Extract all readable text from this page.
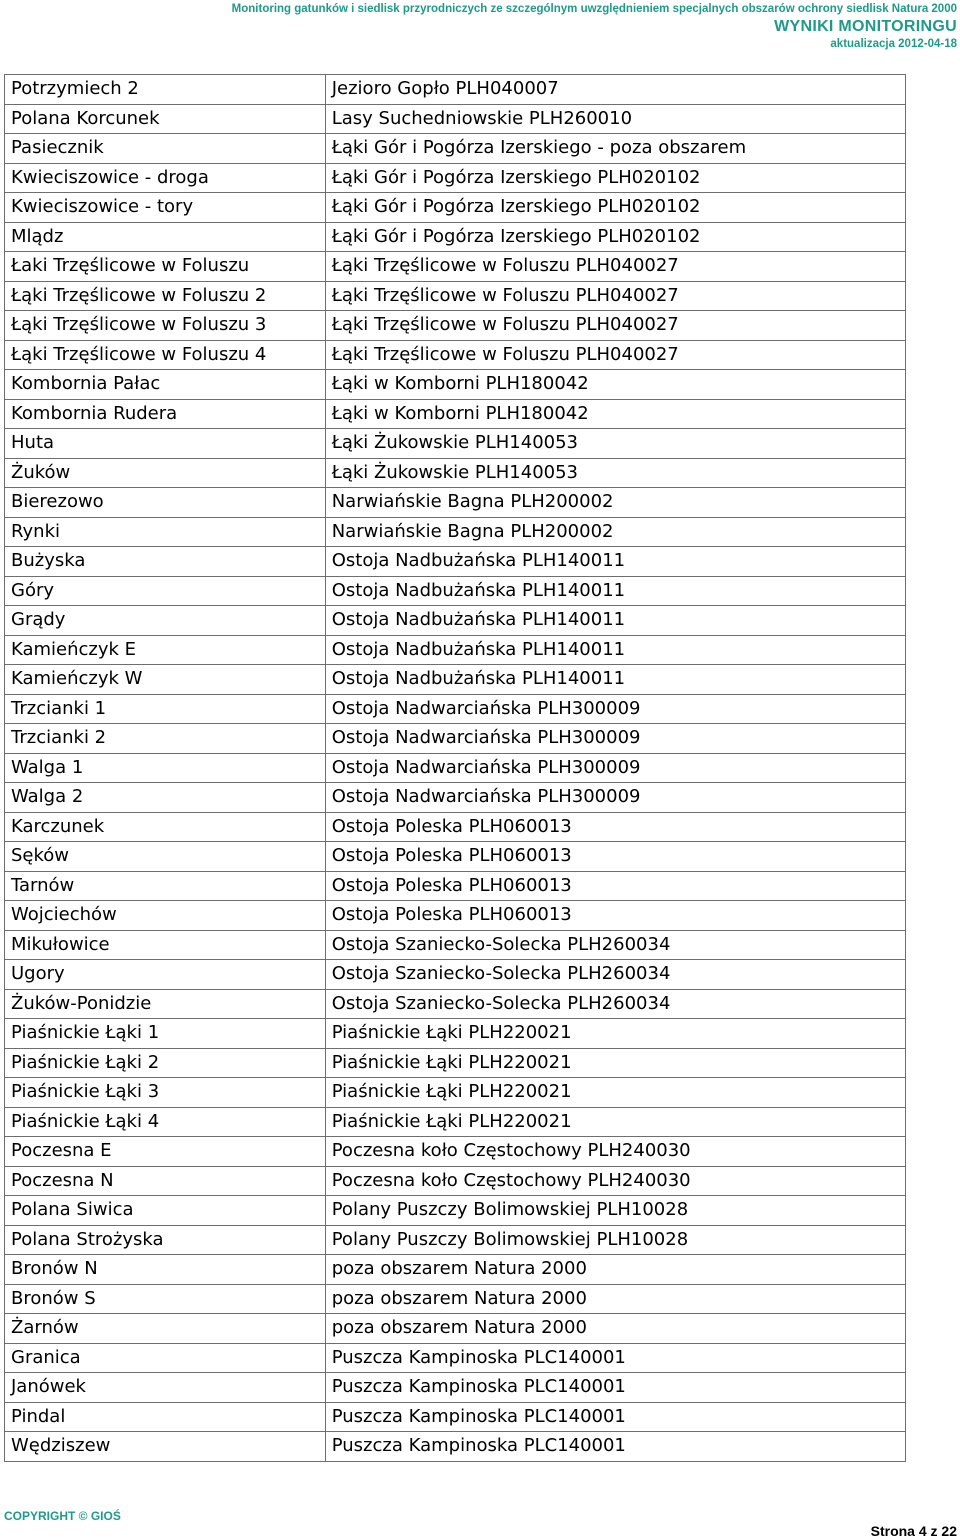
Monitoring gatunków i siedlisk przyrodniczych ze szczególnym uwzględnieniem specjalnych obszarów ochrony siedlisk Natura 2000
WYNIKI MONITORINGU
aktualizacja 2012-04-18
Potrzymiech 2	Jezioro Gopło PLH040007
Polana Korcunek	Lasy Suchedniowskie PLH260010
Pasiecznik	Łąki Gór i Pogórza Izerskiego - poza obszarem
Kwieciszowice - droga	Łąki Gór i Pogórza Izerskiego PLH020102
Kwieciszowice - tory	Łąki Gór i Pogórza Izerskiego PLH020102
Mlądz	Łąki Gór i Pogórza Izerskiego PLH020102
Łaki Trzęślicowe w Foluszu	Łąki Trzęślicowe w Foluszu PLH040027
Łąki Trzęślicowe w Foluszu 2	Łąki Trzęślicowe w Foluszu PLH040027
Łąki Trzęślicowe w Foluszu 3	Łąki Trzęślicowe w Foluszu PLH040027
Łąki Trzęślicowe w Foluszu 4	Łąki Trzęślicowe w Foluszu PLH040027
Kombornia Pałac	Łąki w Komborni PLH180042
Kombornia Rudera	Łąki w Komborni PLH180042
Huta	Łąki Żukowskie PLH140053
Żuków	Łąki Żukowskie PLH140053
Bierezowo	Narwiańskie Bagna PLH200002
Rynki	Narwiańskie Bagna PLH200002
Bużyska	Ostoja Nadbużańska PLH140011
Góry	Ostoja Nadbużańska PLH140011
Grądy	Ostoja Nadbużańska PLH140011
Kamieńczyk E	Ostoja Nadbużańska PLH140011
Kamieńczyk W	Ostoja Nadbużańska PLH140011
Trzcianki 1	Ostoja Nadwarciańska PLH300009
Trzcianki 2	Ostoja Nadwarciańska PLH300009
Walga 1	Ostoja Nadwarciańska PLH300009
Walga 2	Ostoja Nadwarciańska PLH300009
Karczunek	Ostoja Poleska PLH060013
Sęków	Ostoja Poleska PLH060013
Tarnów	Ostoja Poleska PLH060013
Wojciechów	Ostoja Poleska PLH060013
Mikułowice	Ostoja Szaniecko-Solecka PLH260034
Ugory	Ostoja Szaniecko-Solecka PLH260034
Żuków-Ponidzie	Ostoja Szaniecko-Solecka PLH260034
Piaśnickie Łąki 1	Piaśnickie Łąki PLH220021
Piaśnickie Łąki 2	Piaśnickie Łąki PLH220021
Piaśnickie Łąki 3	Piaśnickie Łąki PLH220021
Piaśnickie Łąki 4	Piaśnickie Łąki PLH220021
Poczesna E	Poczesna koło Częstochowy PLH240030
Poczesna N	Poczesna koło Częstochowy PLH240030
Polana Siwica	Polany Puszczy Bolimowskiej PLH10028
Polana Strożyska	Polany Puszczy Bolimowskiej PLH10028
Bronów N	poza obszarem Natura 2000
Bronów S	poza obszarem Natura 2000
Żarnów	poza obszarem Natura 2000
Granica	Puszcza Kampinoska PLC140001
Janówek	Puszcza Kampinoska PLC140001
Pindal	Puszcza Kampinoska PLC140001
Wędziszew	Puszcza Kampinoska PLC140001
COPYRIGHT © GIOŚ
Strona 4 z 22
